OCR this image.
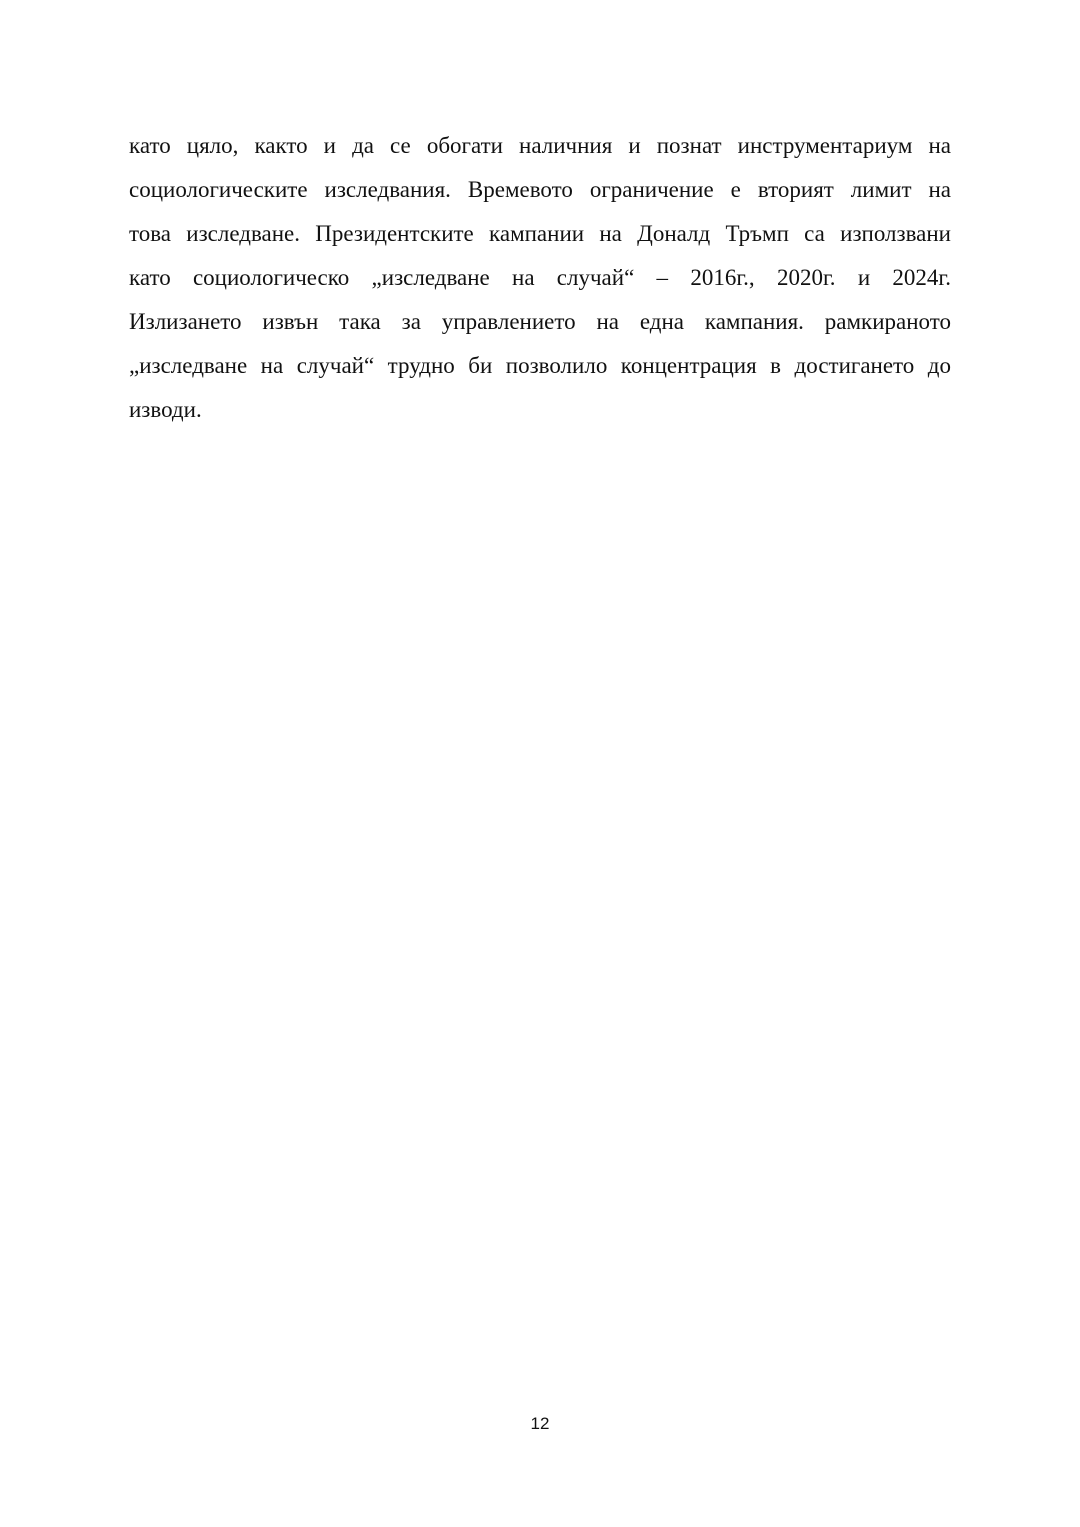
като цяло, както и да се обогати наличния и познат инструментариум на
социологическите изследвания. Времевото ограничение е вторият лимит на
това изследване. Президентските кампании на Доналд Тръмп са използвани
като социологическо „изследване на случай“ – 2016г., 2020г. и 2024г.
Излизането извън така за управлението на една кампания. рамкираното
„изследване на случай“ трудно би позволило концентрация в достигането до
изводи.
12
